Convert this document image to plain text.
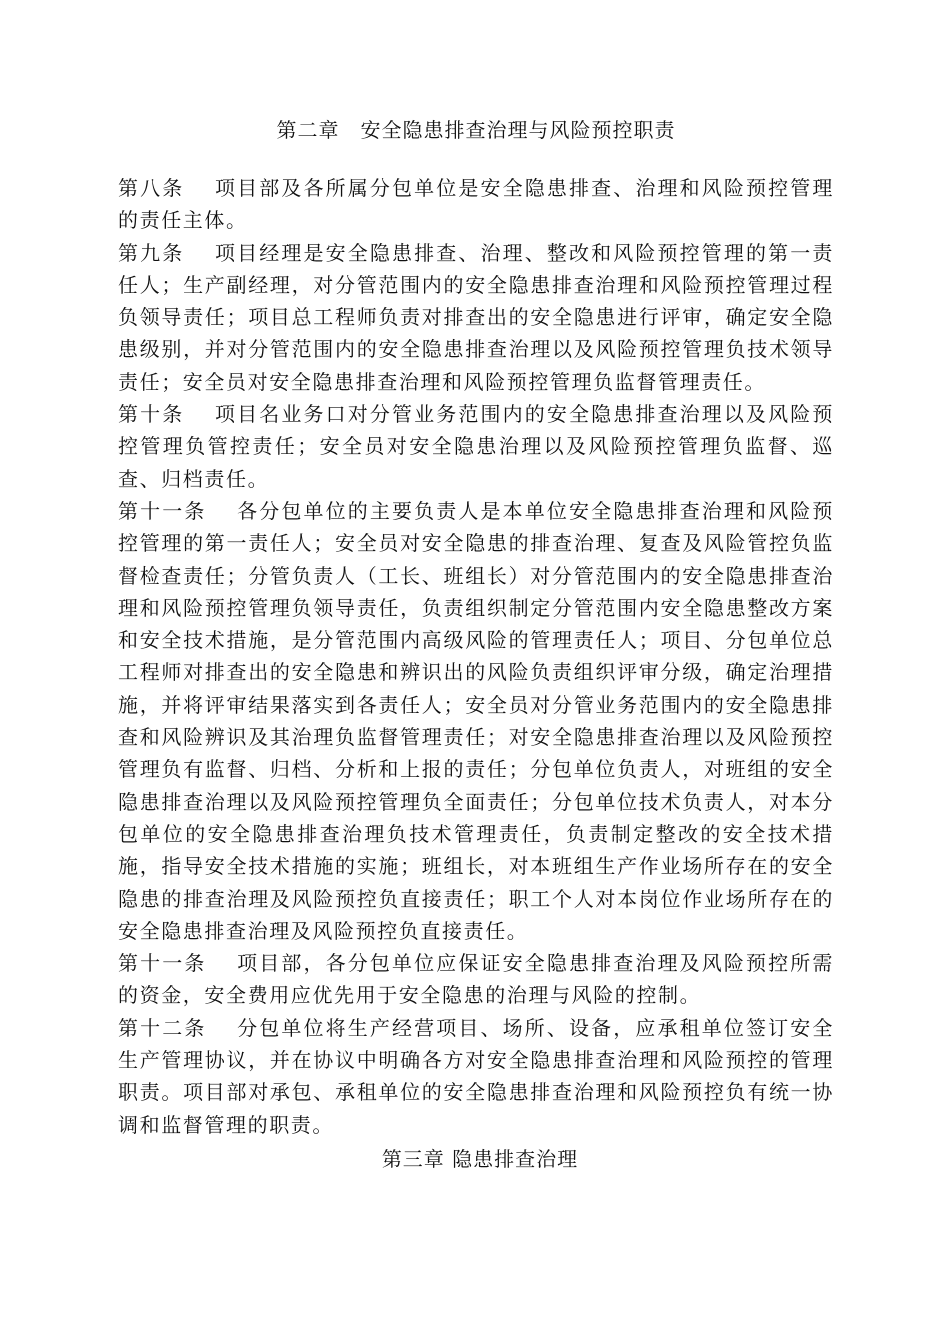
第二章　安全隐患排查治理与风险预控职责

第八条　 项目部及各所属分包单位是安全隐患排查、治理和风险预控管理的责任主体。

第九条　 项目经理是安全隐患排查、治理、整改和风险预控管理的第一责任人；生产副经理，对分管范围内的安全隐患排查治理和风险预控管理过程负领导责任；项目总工程师负责对排查出的安全隐患进行评审，确定安全隐患级别，并对分管范围内的安全隐患排查治理以及风险预控管理负技术领导责任；安全员对安全隐患排查治理和风险预控管理负监督管理责任。

第十条　 项目名业务口对分管业务范围内的安全隐患排查治理以及风险预控管理负管控责任；安全员对安全隐患治理以及风险预控管理负监督、巡查、归档责任。

第十一条　 各分包单位的主要负责人是本单位安全隐患排查治理和风险预控管理的第一责任人；安全员对安全隐患的排查治理、复查及风险管控负监督检查责任；分管负责人（工长、班组长）对分管范围内的安全隐患排查治理和风险预控管理负领导责任，负责组织制定分管范围内安全隐患整改方案和安全技术措施，是分管范围内高级风险的管理责任人；项目、分包单位总工程师对排查出的安全隐患和辨识出的风险负责组织评审分级，确定治理措施，并将评审结果落实到各责任人；安全员对分管业务范围内的安全隐患排查和风险辨识及其治理负监督管理责任；对安全隐患排查治理以及风险预控管理负有监督、归档、分析和上报的责任；分包单位负责人，对班组的安全隐患排查治理以及风险预控管理负全面责任；分包单位技术负责人，对本分包单位的安全隐患排查治理负技术管理责任，负责制定整改的安全技术措施，指导安全技术措施的实施；班组长，对本班组生产作业场所存在的安全隐患的排查治理及风险预控负直接责任；职工个人对本岗位作业场所存在的安全隐患排查治理及风险预控负直接责任。

第十一条　 项目部，各分包单位应保证安全隐患排查治理及风险预控所需的资金，安全费用应优先用于安全隐患的治理与风险的控制。

第十二条　 分包单位将生产经营项目、场所、设备，应承租单位签订安全生产管理协议，并在协议中明确各方对安全隐患排查治理和风险预控的管理职责。项目部对承包、承租单位的安全隐患排查治理和风险预控负有统一协调和监督管理的职责。

第三章 隐患排查治理
